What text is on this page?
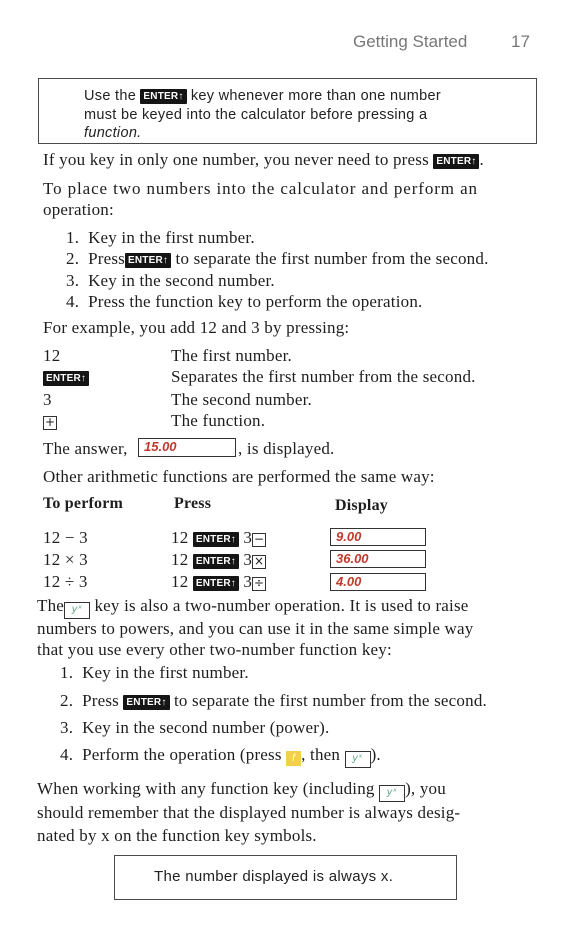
Getting Started	17
Use the ENTER↑ key whenever more than one number
must be keyed into the calculator before pressing a
function.
If you key in only one number, you never need to press ENTER↑ .
To place two numbers into the calculator and perform an
operation:
1. Key in the first number.
2. Press ENTER↑ to separate the first number from the second.
3. Key in the second number.
4. Press the function key to perform the operation.
For example, you add 12 and 3 by pressing:
12	The first number.
ENTER↑	Separates the first number from the second.
3	The second number.
+	The function.
The answer, 15.00	, is displayed.
Other arithmetic functions are performed the same way:
To perform	Press	Display
12 − 3	12 ENTER↑ 3 −	9.00
12 × 3	12 ENTER↑ 3 ×	36.00
12 ÷ 3	12 ENTER↑ 3 ÷	4.00
The yˣ key is also a two-number operation. It is used to raise
numbers to powers, and you can use it in the same simple way
that you use every other two-number function key:
1. Key in the first number.
2. Press ENTER↑ to separate the first number from the second.
3. Key in the second number (power).
4. Perform the operation (press f , then yˣ ).
When working with any function key (including yˣ ), you
should remember that the displayed number is always desig-
nated by x on the function key symbols.
The number displayed is always x.
